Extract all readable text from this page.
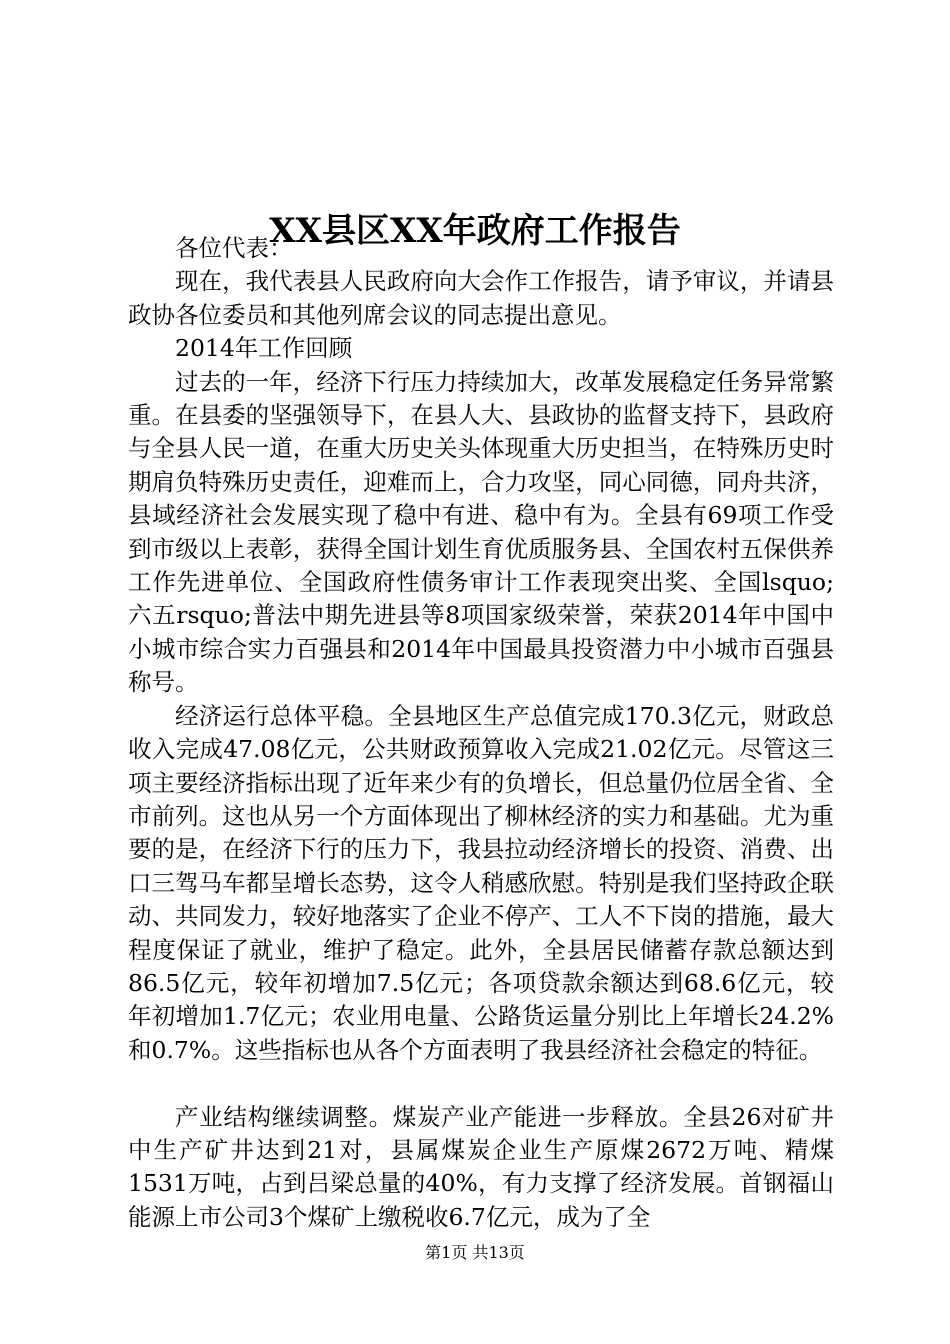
XX县区XX年政府工作报告

各位代表：

现在，我代表县人民政府向大会作工作报告，请予审议，并请县政协各位委员和其他列席会议的同志提出意见。

2014年工作回顾

过去的一年，经济下行压力持续加大，改革发展稳定任务异常繁重。在县委的坚强领导下，在县人大、县政协的监督支持下，县政府与全县人民一道，在重大历史关头体现重大历史担当，在特殊历史时期肩负特殊历史责任，迎难而上，合力攻坚，同心同德，同舟共济，县域经济社会发展实现了稳中有进、稳中有为。全县有69项工作受到市级以上表彰，获得全国计划生育优质服务县、全国农村五保供养工作先进单位、全国政府性债务审计工作表现突出奖、全国lsquo;六五rsquo;普法中期先进县等8项国家级荣誉，荣获2014年中国中小城市综合实力百强县和2014年中国最具投资潜力中小城市百强县称号。

经济运行总体平稳。全县地区生产总值完成170.3亿元，财政总收入完成47.08亿元，公共财政预算收入完成21.02亿元。尽管这三项主要经济指标出现了近年来少有的负增长，但总量仍位居全省、全市前列。这也从另一个方面体现出了柳林经济的实力和基础。尤为重要的是，在经济下行的压力下，我县拉动经济增长的投资、消费、出口三驾马车都呈增长态势，这令人稍感欣慰。特别是我们坚持政企联动、共同发力，较好地落实了企业不停产、工人不下岗的措施，最大程度保证了就业，维护了稳定。此外，全县居民储蓄存款总额达到86.5亿元，较年初增加7.5亿元；各项贷款余额达到68.6亿元，较年初增加1.7亿元；农业用电量、公路货运量分别比上年增长24.2%和0.7%。这些指标也从各个方面表明了我县经济社会稳定的特征。

产业结构继续调整。煤炭产业产能进一步释放。全县26对矿井中生产矿井达到21对，县属煤炭企业生产原煤2672万吨、精煤1531万吨，占到吕梁总量的40%，有力支撑了经济发展。首钢福山能源上市公司3个煤矿上缴税收6.7亿元，成为了全

第1页 共13页
